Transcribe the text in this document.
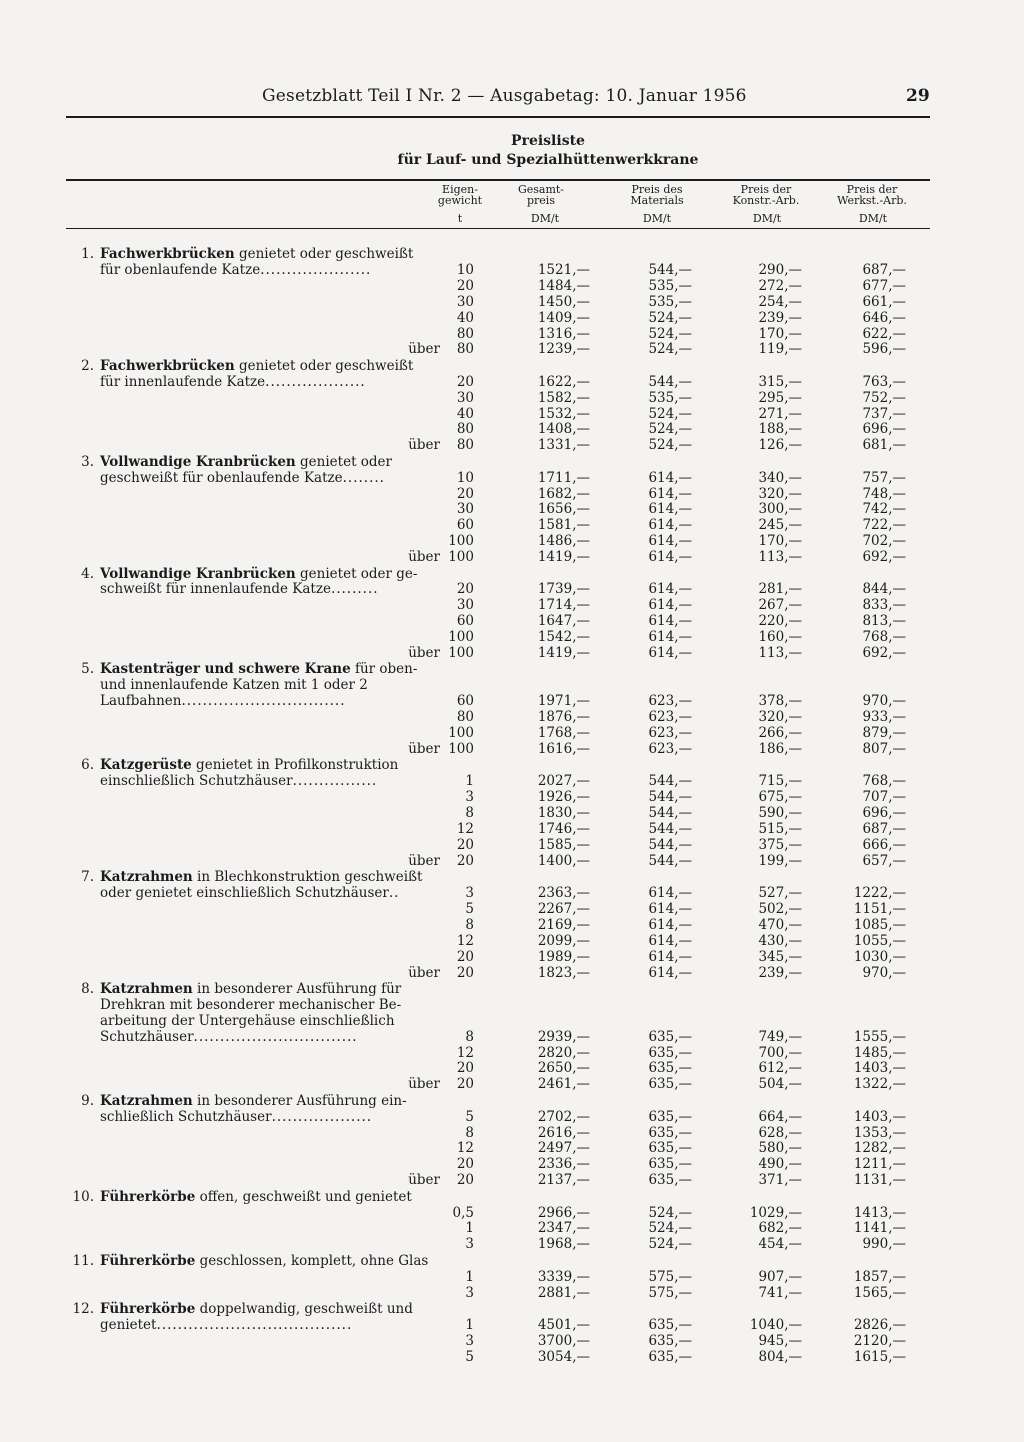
Gesetzblatt Teil I Nr. 2 — Ausgabetag: 10. Januar 1956	29
Preisliste
für Lauf- und Spezialhüttenwerkkrane
Eigen-
gewicht
Gesamt-
preis
Preis des
Materials
Preis der
Konstr.-Arb.
Preis der
Werkst.-Arb.
t	DM/t	DM/t	DM/t	DM/t
1. Fachwerkbrücken genietet oder geschweißt
für obenlaufende Katze .....................	10	1521,—	544,—	290,—	687,—
20	1484,—	535,—	272,—	677,—
30	1450,—	535,—	254,—	661,—
40	1409,—	524,—	239,—	646,—
80	1316,—	524,—	170,—	622,—
über	80	1239,—	524,—	119,—	596,—
2. Fachwerkbrücken genietet oder geschweißt
für innenlaufende Katze ...................	20	1622,—	544,—	315,—	763,—
30	1582,—	535,—	295,—	752,—
40	1532,—	524,—	271,—	737,—
80	1408,—	524,—	188,—	696,—
über	80	1331,—	524,—	126,—	681,—
3. Vollwandige Kranbrücken genietet oder
geschweißt für obenlaufende Katze ........	10	1711,—	614,—	340,—	757,—
20	1682,—	614,—	320,—	748,—
30	1656,—	614,—	300,—	742,—
60	1581,—	614,—	245,—	722,—
100	1486,—	614,—	170,—	702,—
über 100	1419,—	614,—	113,—	692,—
4. Vollwandige Kranbrücken genietet oder ge-
schweißt für innenlaufende Katze .........	20	1739,—	614,—	281,—	844,—
30	1714,—	614,—	267,—	833,—
60	1647,—	614,—	220,—	813,—
100	1542,—	614,—	160,—	768,—
über 100	1419,—	614,—	113,—	692,—
5. Kastenträger und schwere Krane für oben-
und innenlaufende Katzen mit 1 oder 2
Laufbahnen ...............................	60	1971,—	623,—	378,—	970,—
80	1876,—	623,—	320,—	933,—
100	1768,—	623,—	266,—	879,—
über 100	1616,—	623,—	186,—	807,—
6. Katzgerüste genietet in Profilkonstruktion
einschließlich Schutzhäuser ................	1	2027,—	544,—	715,—	768,—
3	1926,—	544,—	675,—	707,—
8	1830,—	544,—	590,—	696,—
12	1746,—	544,—	515,—	687,—
20	1585,—	544,—	375,—	666,—
über	20	1400,—	544,—	199,—	657,—
7. Katzrahmen in Blechkonstruktion geschweißt
oder genietet einschließlich Schutzhäuser ..	3	2363,—	614,—	527,—	1222,—
5	2267,—	614,—	502,—	1151,—
8	2169,—	614,—	470,—	1085,—
12	2099,—	614,—	430,—	1055,—
20	1989,—	614,—	345,—	1030,—
über	20	1823,—	614,—	239,—	970,—
8. Katzrahmen in besonderer Ausführung für
Drehkran mit besonderer mechanischer Be-
arbeitung der Untergehäuse einschließlich
Schutzhäuser ...............................	8	2939,—	635,—	749,—	1555,—
12	2820,—	635,—	700,—	1485,—
20	2650,—	635,—	612,—	1403,—
über	20	2461,—	635,—	504,—	1322,—
9. Katzrahmen in besonderer Ausführung ein-
schließlich Schutzhäuser ...................	5	2702,—	635,—	664,—	1403,—
8	2616,—	635,—	628,—	1353,—
12	2497,—	635,—	580,—	1282,—
20	2336,—	635,—	490,—	1211,—
über	20	2137,—	635,—	371,—	1131,—
10. Führerkörbe offen, geschweißt und genietet
0,5	2966,—	524,—	1029,—	1413,—
1	2347,—	524,—	682,—	1141,—
3	1968,—	524,—	454,—	990,—
11. Führerkörbe geschlossen, komplett, ohne Glas
1	3339,—	575,—	907,—	1857,—
3	2881,—	575,—	741,—	1565,—
12. Führerkörbe doppelwandig, geschweißt und
genietet .....................................	1	4501,—	635,—	1040,—	2826,—
3	3700,—	635,—	945,—	2120,—
5	3054,—	635,—	804,—	1615,—
